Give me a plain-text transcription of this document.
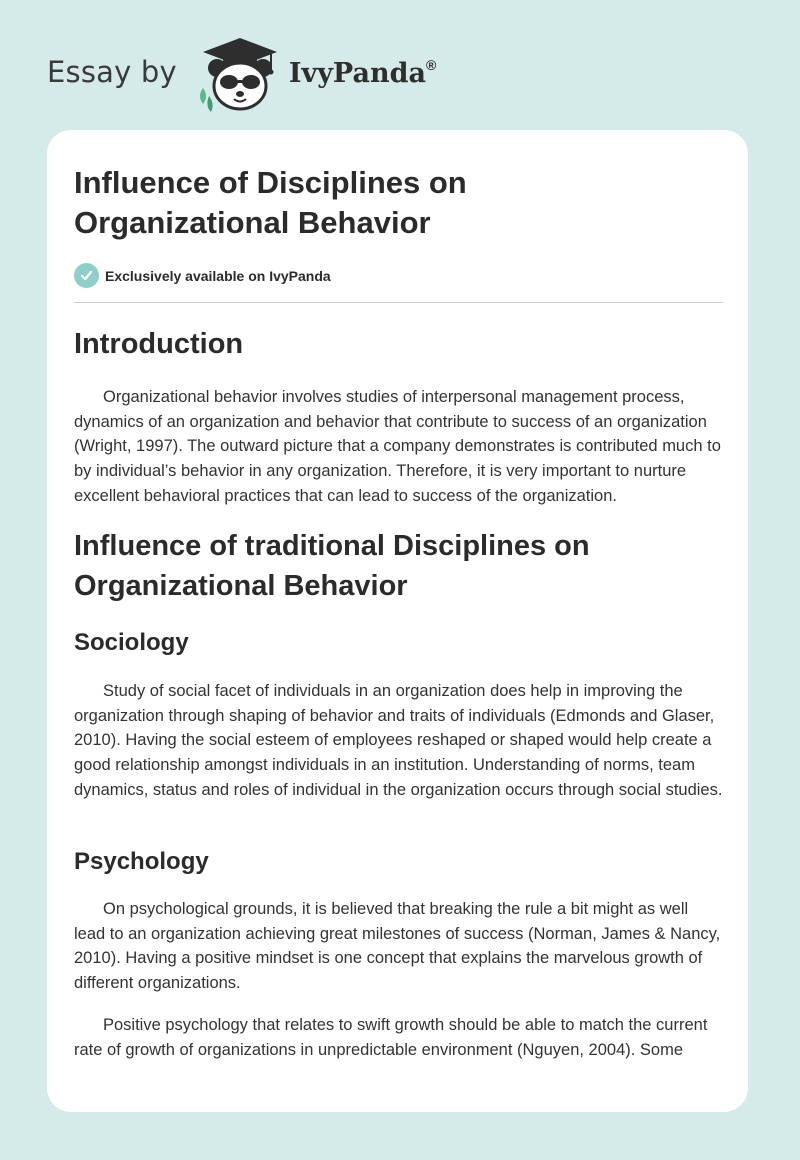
Essay by	IvyPanda®
Influence of Disciplines on Organizational Behavior
Exclusively available on IvyPanda
Introduction

Organizational behavior involves studies of interpersonal management process, dynamics of an organization and behavior that contribute to success of an organization (Wright, 1997). The outward picture that a company demonstrates is contributed much to by individual’s behavior in any organization. Therefore, it is very important to nurture excellent behavioral practices that can lead to success of the organization.

Influence of traditional Disciplines on Organizational Behavior
Sociology

Study of social facet of individuals in an organization does help in improving the organization through shaping of behavior and traits of individuals (Edmonds and Glaser, 2010). Having the social esteem of employees reshaped or shaped would help create a good relationship amongst individuals in an institution. Understanding of norms, team dynamics, status and roles of individual in the organization occurs through social studies.

Psychology

On psychological grounds, it is believed that breaking the rule a bit might as well lead to an organization achieving great milestones of success (Norman, James & Nancy, 2010). Having a positive mindset is one concept that explains the marvelous growth of different organizations.

Positive psychology that relates to swift growth should be able to match the current rate of growth of organizations in unpredictable environment (Nguyen, 2004). Some
